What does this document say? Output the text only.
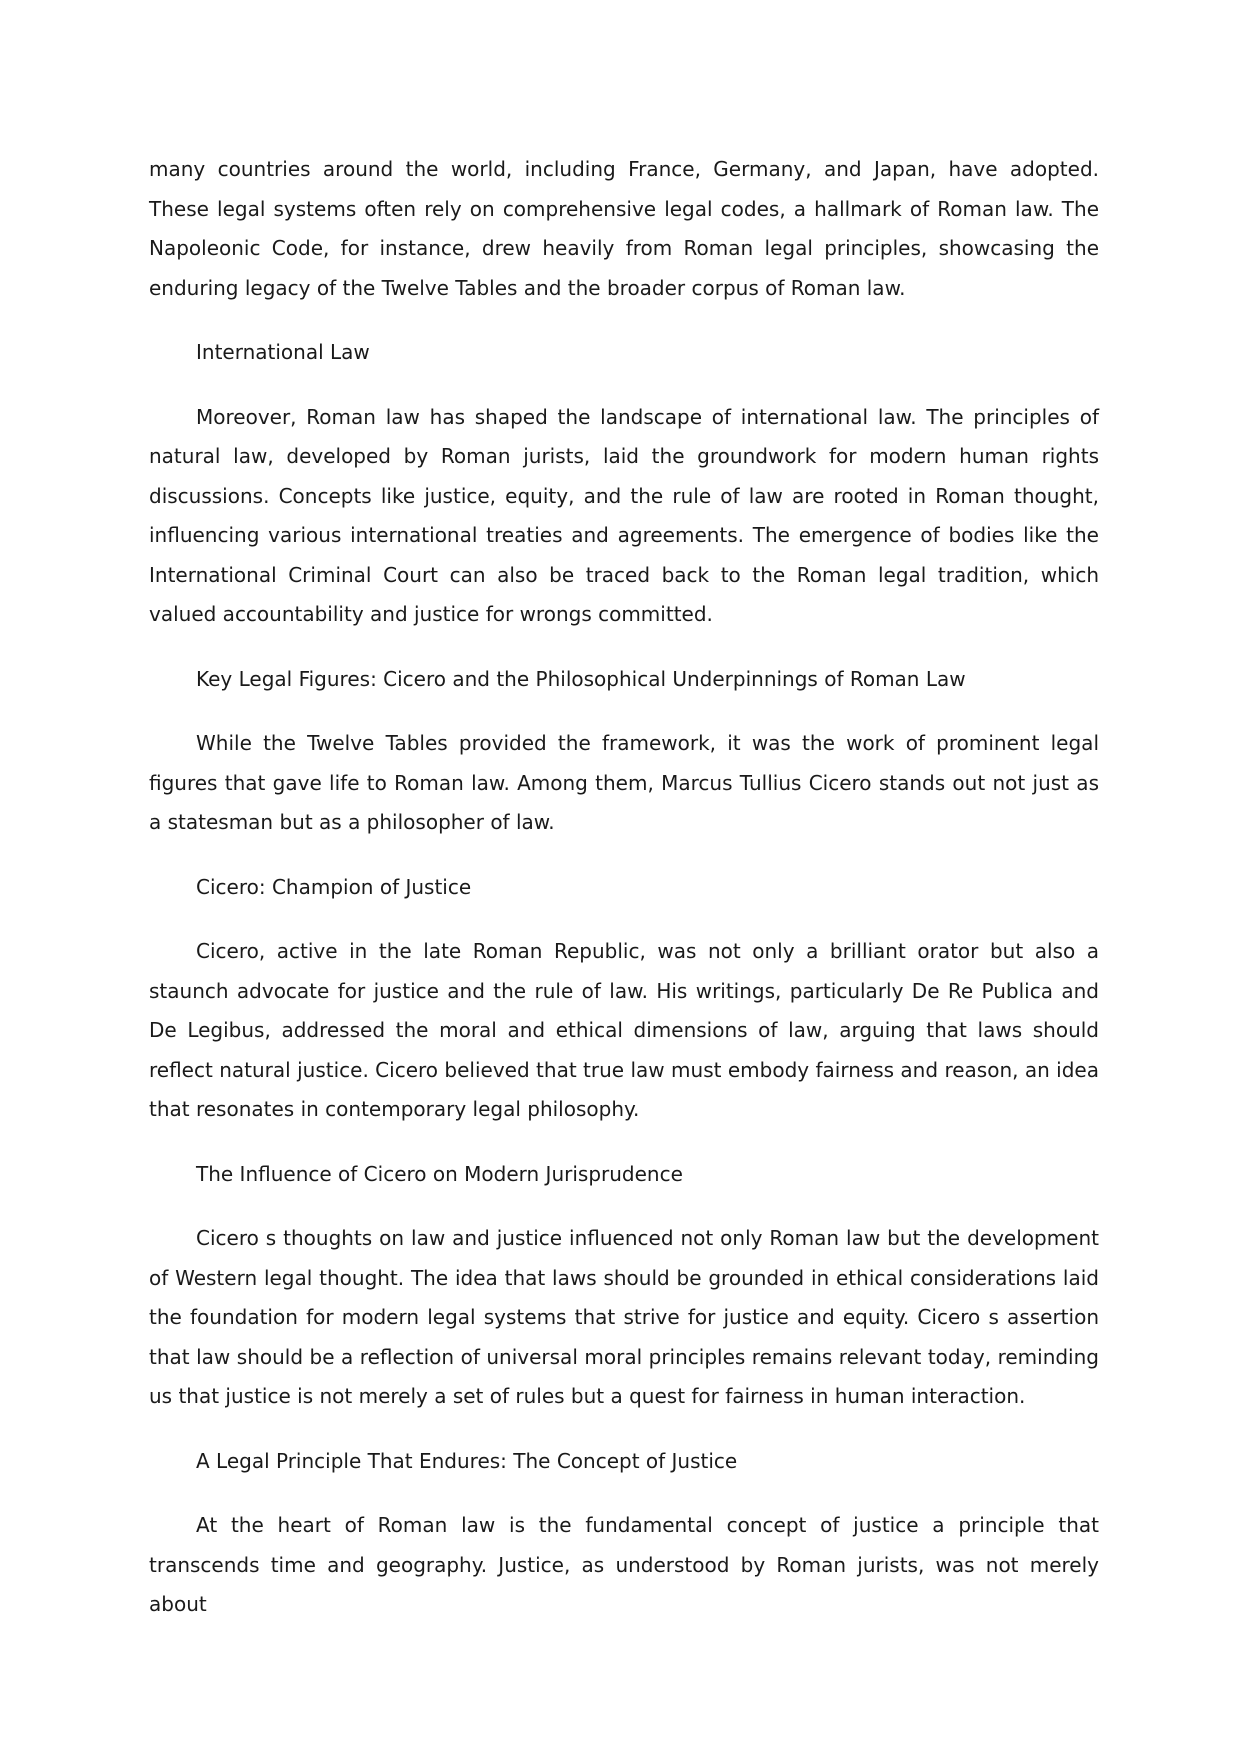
many countries around the world, including France, Germany, and Japan, have adopted. These legal systems often rely on comprehensive legal codes, a hallmark of Roman law. The Napoleonic Code, for instance, drew heavily from Roman legal principles, showcasing the enduring legacy of the Twelve Tables and the broader corpus of Roman law.

International Law

Moreover, Roman law has shaped the landscape of international law. The principles of natural law, developed by Roman jurists, laid the groundwork for modern human rights discussions. Concepts like justice, equity, and the rule of law are rooted in Roman thought, influencing various international treaties and agreements. The emergence of bodies like the International Criminal Court can also be traced back to the Roman legal tradition, which valued accountability and justice for wrongs committed.

Key Legal Figures: Cicero and the Philosophical Underpinnings of Roman Law

While the Twelve Tables provided the framework, it was the work of prominent legal figures that gave life to Roman law. Among them, Marcus Tullius Cicero stands out not just as a statesman but as a philosopher of law.

Cicero: Champion of Justice

Cicero, active in the late Roman Republic, was not only a brilliant orator but also a staunch advocate for justice and the rule of law. His writings, particularly De Re Publica and De Legibus, addressed the moral and ethical dimensions of law, arguing that laws should reflect natural justice. Cicero believed that true law must embody fairness and reason, an idea that resonates in contemporary legal philosophy.

The Influence of Cicero on Modern Jurisprudence

Cicero s thoughts on law and justice influenced not only Roman law but the development of Western legal thought. The idea that laws should be grounded in ethical considerations laid the foundation for modern legal systems that strive for justice and equity. Cicero s assertion that law should be a reflection of universal moral principles remains relevant today, reminding us that justice is not merely a set of rules but a quest for fairness in human interaction.

A Legal Principle That Endures: The Concept of Justice

At the heart of Roman law is the fundamental concept of justice a principle that transcends time and geography. Justice, as understood by Roman jurists, was not merely about
